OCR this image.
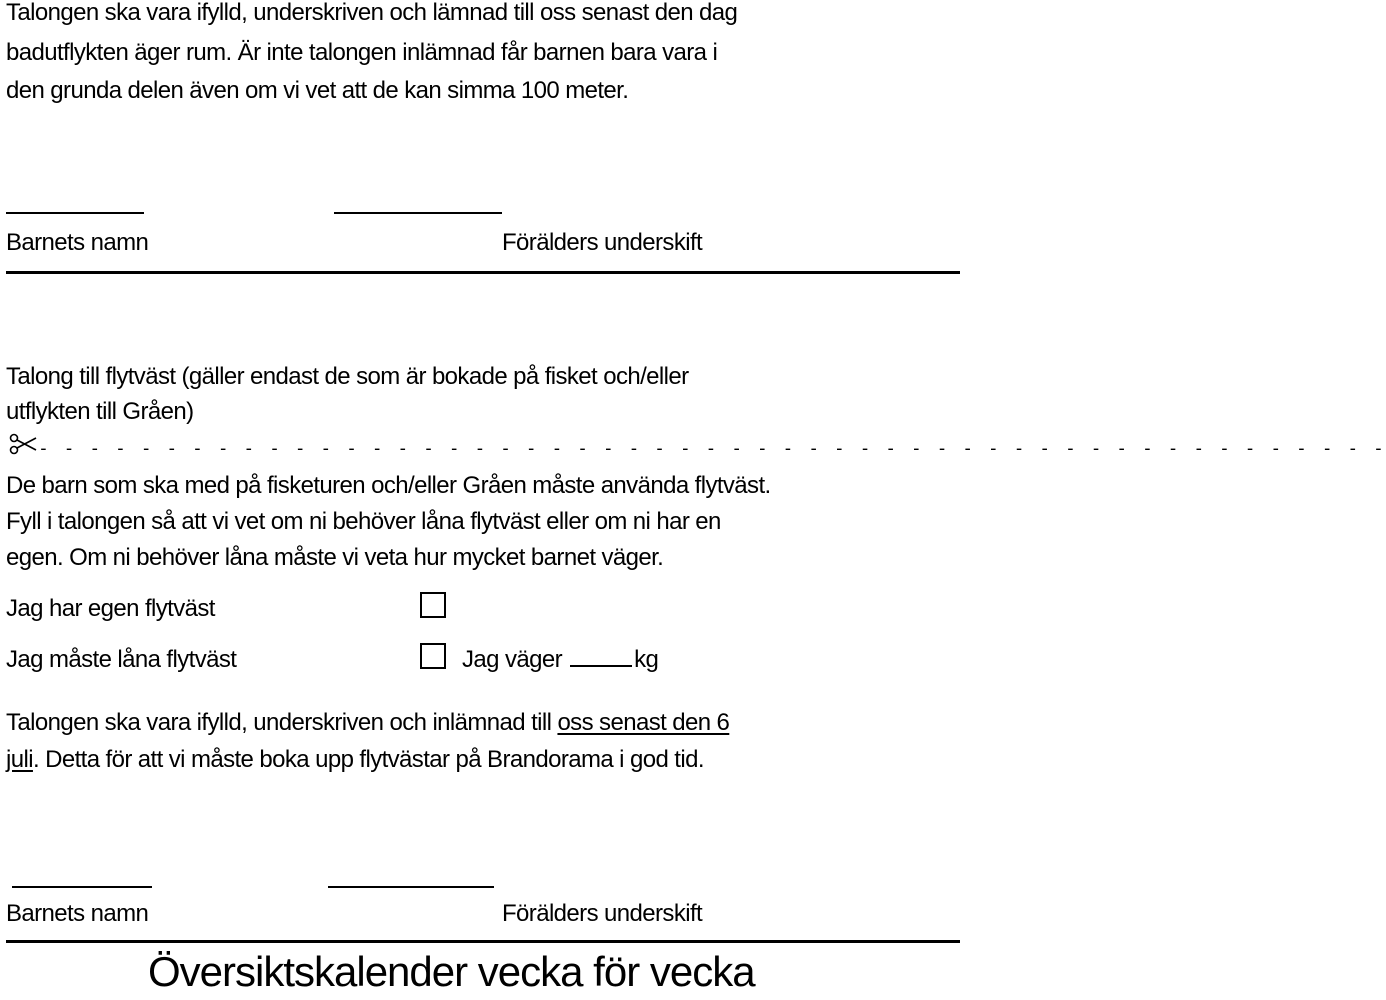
Talongen ska vara ifylld, underskriven och lämnad till oss senast den dag
badutflykten äger rum. Är inte talongen inlämnad får barnen bara vara i
den grunda delen även om vi vet att de kan simma 100 meter.
Barnets namn	Förälders underskift
Talong till flytväst (gäller endast de som är bokade på fisket och/eller
utflykten till Gråen)
- - - - - - - - - - - - - - - - - - - - - - - - - - - - - - - - - - - - - - - - - - - - - - - - - - - - -
De barn som ska med på fisketuren och/eller Gråen måste använda flytväst.
Fyll i talongen så att vi vet om ni behöver låna flytväst eller om ni har en
egen. Om ni behöver låna måste vi veta hur mycket barnet väger.
Jag har egen flytväst
Jag måste låna flytväst	Jag väger	kg
Talongen ska vara ifylld, underskriven och inlämnad till oss senast den 6
juli. Detta för att vi måste boka upp flytvästar på Brandorama i god tid.
Barnets namn	Förälders underskift
Översiktskalender vecka för vecka
